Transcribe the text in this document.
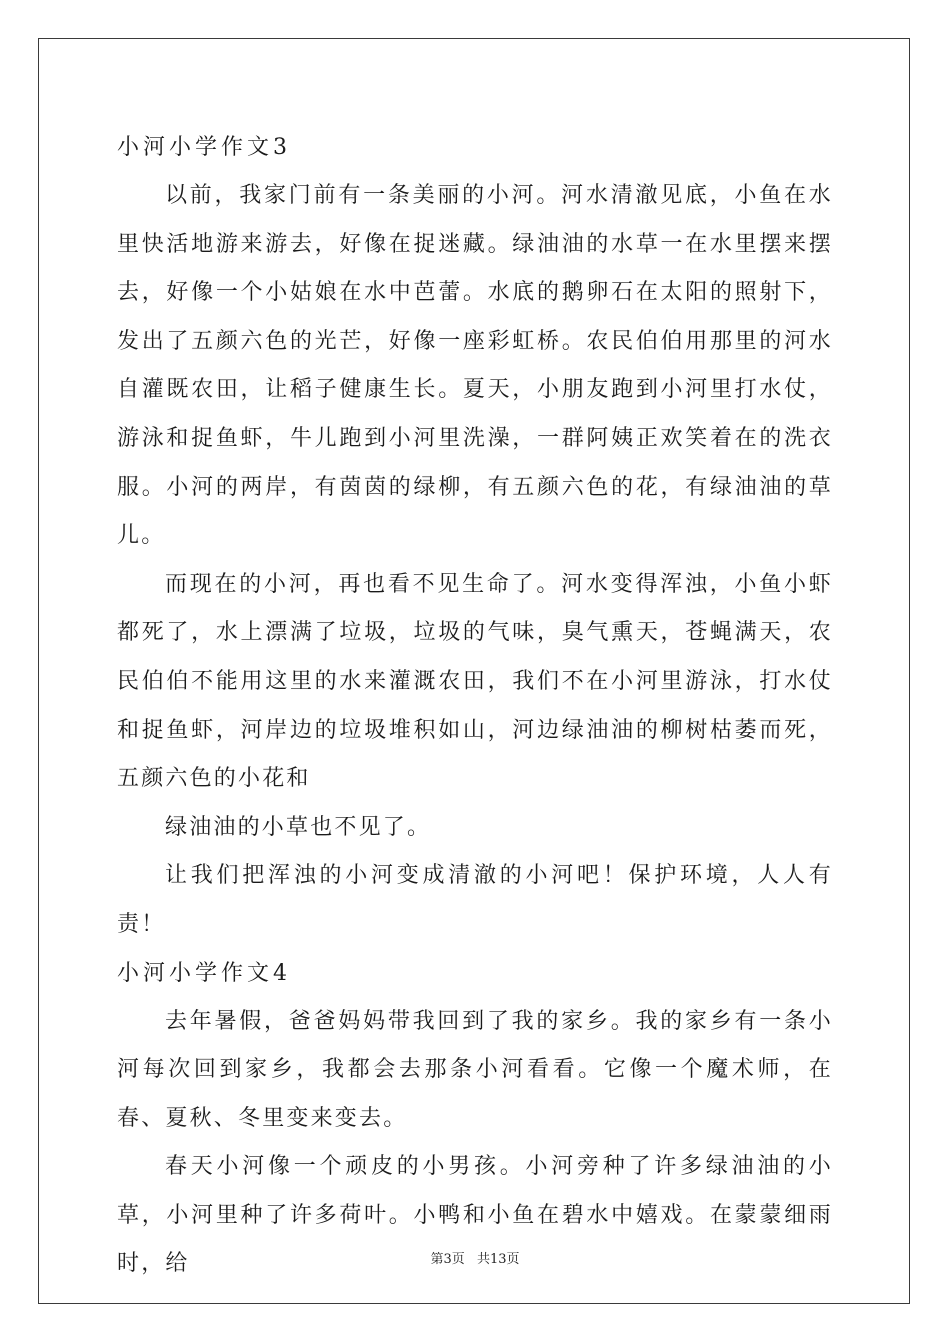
小河小学作文3

以前，我家门前有一条美丽的小河。河水清澈见底，小鱼在水里快活地游来游去，好像在捉迷藏。绿油油的水草一在水里摆来摆去，好像一个小姑娘在水中芭蕾。水底的鹅卵石在太阳的照射下，发出了五颜六色的光芒，好像一座彩虹桥。农民伯伯用那里的河水自灌既农田，让稻子健康生长。夏天，小朋友跑到小河里打水仗，游泳和捉鱼虾，牛儿跑到小河里洗澡，一群阿姨正欢笑着在的洗衣服。小河的两岸，有茵茵的绿柳，有五颜六色的花，有绿油油的草儿。

而现在的小河，再也看不见生命了。河水变得浑浊，小鱼小虾都死了，水上漂满了垃圾，垃圾的气味，臭气熏天，苍蝇满天，农民伯伯不能用这里的水来灌溉农田，我们不在小河里游泳，打水仗和捉鱼虾，河岸边的垃圾堆积如山，河边绿油油的柳树枯萎而死，五颜六色的小花和

绿油油的小草也不见了。

让我们把浑浊的小河变成清澈的小河吧！保护环境，人人有责！

小河小学作文4

去年暑假，爸爸妈妈带我回到了我的家乡。我的家乡有一条小河每次回到家乡，我都会去那条小河看看。它像一个魔术师，在春、夏秋、冬里变来变去。

春天小河像一个顽皮的小男孩。小河旁种了许多绿油油的小草，小河里种了许多荷叶。小鸭和小鱼在碧水中嬉戏。在蒙蒙细雨时，给	第3页 共13页
